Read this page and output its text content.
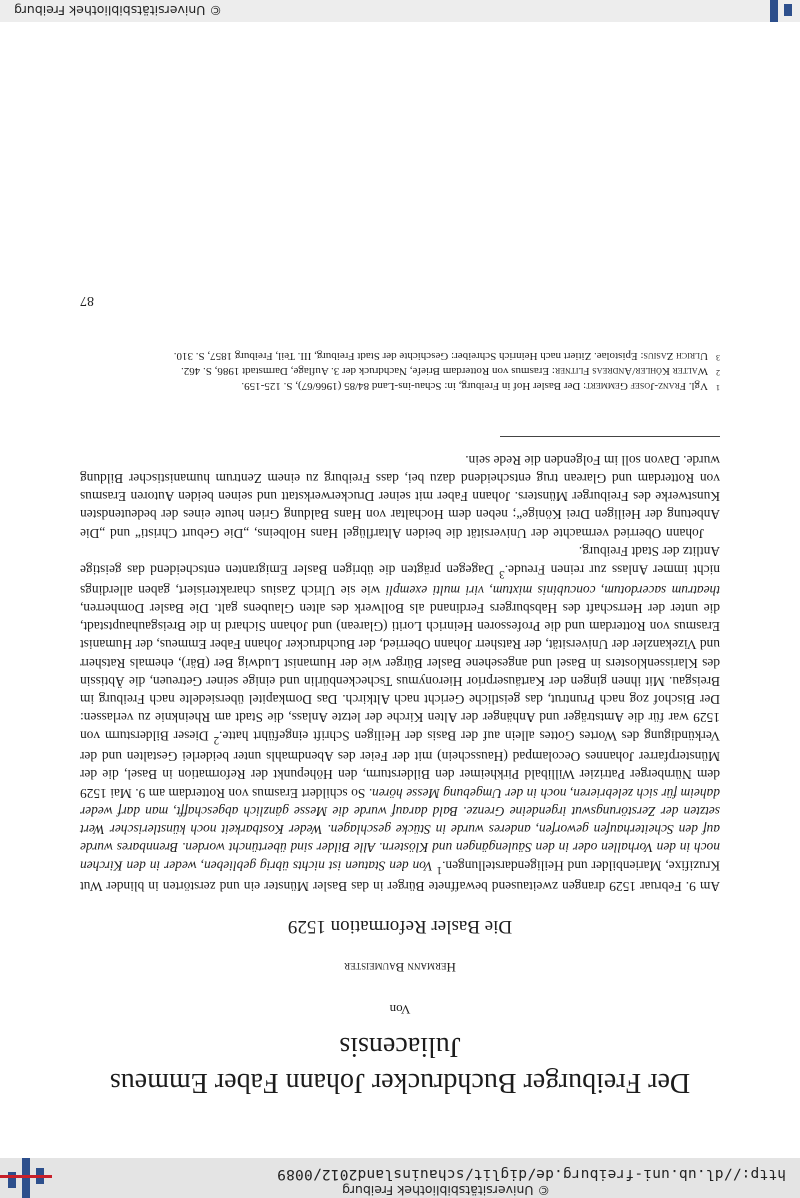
© Universitätsbibliothek Freiburg
http://dl.ub.uni-freiburg.de/diglit/schauinsland2012/0089
Der Freiburger Buchdrucker Johann Faber Emmeus
Juliacensis
Von
Hermann Baumeister
Die Basler Reformation 1529

Am 9. Februar 1529 drangen zweitausend bewaffnete Bürger in das Basler Münster ein und zerstörten in blinder Wut Kruzifixe, Marienbilder und Heiligendarstellungen.$^1$ Von den Statuen ist nichts übrig geblieben, weder in den Kirchen noch in den Vorhallen oder in den Säulengängen und Klöstern. Alle Bilder sind übertüncht worden. Brennbares wurde auf den Scheiterhaufen geworfen, anderes wurde in Stücke geschlagen. Weder Kostbarkeit noch künstlerischer Wert setzten der Zerstörungswut irgendeine Grenze. Bald darauf wurde die Messe gänzlich abgeschafft, man darf weder daheim für sich zelebrieren, noch in der Umgebung Messe hören. So schildert Erasmus von Rotterdam am 9. Mai 1529 dem Nürnberger Patrizier Willibald Pirkheimer den Bildersturm, den Höhepunkt der Reformation in Basel, die der Münsterpfarrer Johannes Oecolampad (Hausschein) mit der Feier des Abendmahls unter beiderlei Gestalten und der Verkündigung des Wortes Gottes allein auf der Basis der Heiligen Schrift eingeführt hatte.$^2$ Dieser Bildersturm von 1529 war für die Amtsträger und Anhänger der Alten Kirche der letzte Anlass, die Stadt am Rheinknie zu verlassen: Der Bischof zog nach Pruntrut, das geistliche Gericht nach Altkirch. Das Domkapitel übersiedelte nach Freiburg im Breisgau. Mit ihnen gingen der Kartäuserprior Hieronymus Tscheckenbürlin und einige seiner Getreuen, die Äbtissin des Klarissenklosters in Basel und angesehene Basler Bürger wie der Humanist Ludwig Ber (Bär), ehemals Ratsherr und Vizekanzler der Universität, der Ratsherr Johann Oberried, der Buchdrucker Johann Faber Emmeus, der Humanist Erasmus von Rotterdam und die Professoren Heinrich Loriti (Glarean) und Johann Sichard in die Breisgauhauptstadt, die unter der Herrschaft des Habsburgers Ferdinand als Bollwerk des alten Glaubens galt. Die Basler Domherren, theatrum sacerdotum, concubinis mixtum, viri multi exempli wie sie Ulrich Zasius charakterisiert, gaben allerdings nicht immer Anlass zur reinen Freude.$^3$ Dagegen prägten die übrigen Basler Emigranten entscheidend das geistige Antlitz der Stadt Freiburg.

Johann Oberried vermachte der Universität die beiden Altarflügel Hans Holbeins, „Die Geburt Christi“ und „Die Anbetung der Heiligen Drei Könige“; neben dem Hochaltar von Hans Baldung Grien heute eines der bedeutendsten Kunstwerke des Freiburger Münsters. Johann Faber mit seiner Druckerwerkstatt und seinen beiden Autoren Erasmus von Rotterdam und Glarean trug entscheidend dazu bei, dass Freiburg zu einem Zentrum humanistischer Bildung wurde. Davon soll im Folgenden die Rede sein.

1
Vgl. Franz-Josef Gemmert: Der Basler Hof in Freiburg, in: Schau-ins-Land 84/85 (1966/67), S. 125-159.
2
Walter Köhler/Andreas Flitner: Erasmus von Rotterdam Briefe, Nachdruck der 3. Auflage, Darmstadt 1986, S. 462.
3
Ulrich Zasius: Epistolae. Zitiert nach Heinrich Schreiber: Geschichte der Stadt Freiburg, III. Teil, Freiburg 1857, S. 310.
87
© Universitätsbibliothek Freiburg
